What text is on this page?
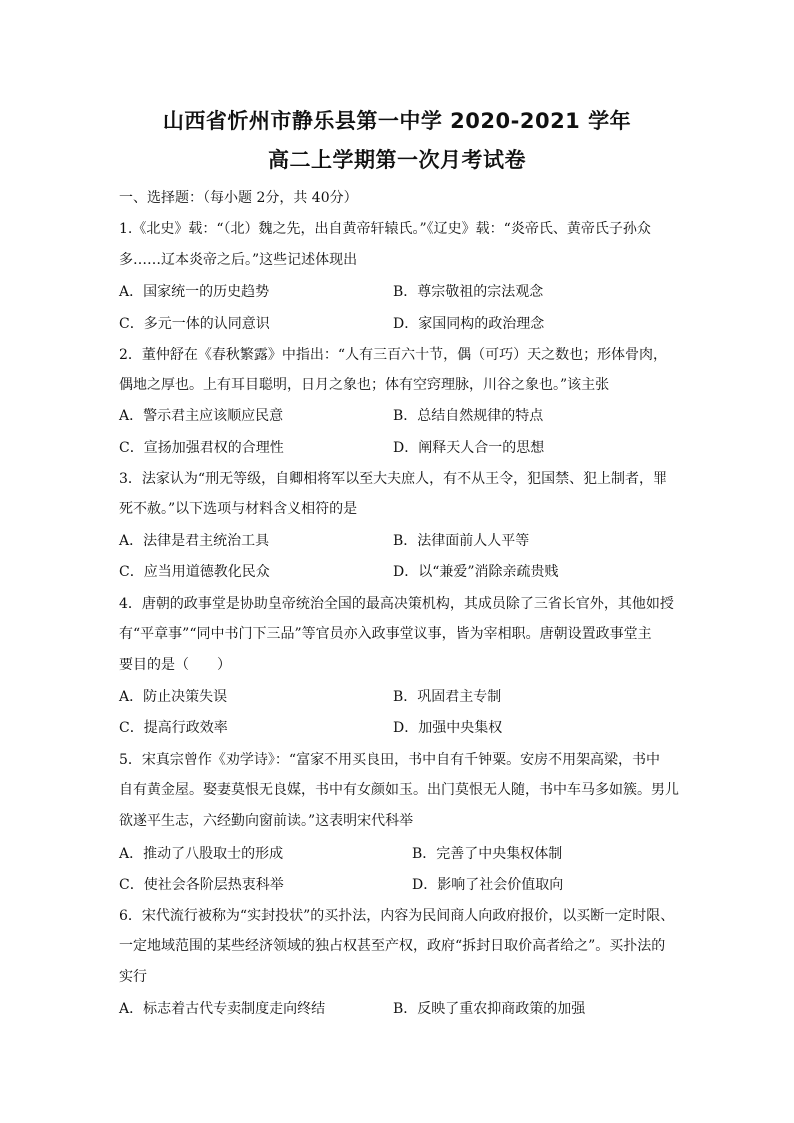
山西省忻州市静乐县第一中学 2020-2021 学年
高二上学期第一次月考试卷
一、选择题：（每小题 2分，共 40分）
1.《北史》载：“（北）魏之先，出自黄帝轩辕氏。”《辽史》载：“炎帝氏、黄帝氏子孙众
多……辽本炎帝之后。”这些记述体现出
A．国家统一的历史趋势	B．尊宗敬祖的宗法观念
C．多元一体的认同意识	D．家国同构的政治理念
2．董仲舒在《春秋繁露》中指出：“人有三百六十节，偶（可巧）天之数也；形体骨肉，
偶地之厚也。上有耳目聪明，日月之象也；体有空窍理脉，川谷之象也。”该主张
A．警示君主应该顺应民意	B．总结自然规律的特点
C．宣扬加强君权的合理性	D．阐释天人合一的思想
3．法家认为“刑无等级，自卿相将军以至大夫庶人，有不从王令，犯国禁、犯上制者，罪
死不赦。”以下选项与材料含义相符的是
A．法律是君主统治工具	B．法律面前人人平等
C．应当用道德教化民众	D．以“兼爱”消除亲疏贵贱
4．唐朝的政事堂是协助皇帝统治全国的最高决策机构，其成员除了三省长官外，其他如授
有“平章事”“同中书门下三品”等官员亦入政事堂议事，皆为宰相职。唐朝设置政事堂主
要目的是（　　）
A．防止决策失误	B．巩固君主专制
C．提高行政效率	D．加强中央集权
5．宋真宗曾作《劝学诗》：“富家不用买良田，书中自有千钟粟。安房不用架高梁，书中
自有黄金屋。娶妻莫恨无良媒，书中有女颜如玉。出门莫恨无人随，书中车马多如簇。男儿
欲遂平生志，六经勤向窗前读。”这表明宋代科举
A．推动了八股取士的形成	B．完善了中央集权体制
C．使社会各阶层热衷科举	D．影响了社会价值取向
6．宋代流行被称为“实封投状”的买扑法，内容为民间商人向政府报价，以买断一定时限、
一定地域范围的某些经济领域的独占权甚至产权，政府“拆封日取价高者给之”。买扑法的
实行
A．标志着古代专卖制度走向终结	B．反映了重农抑商政策的加强
